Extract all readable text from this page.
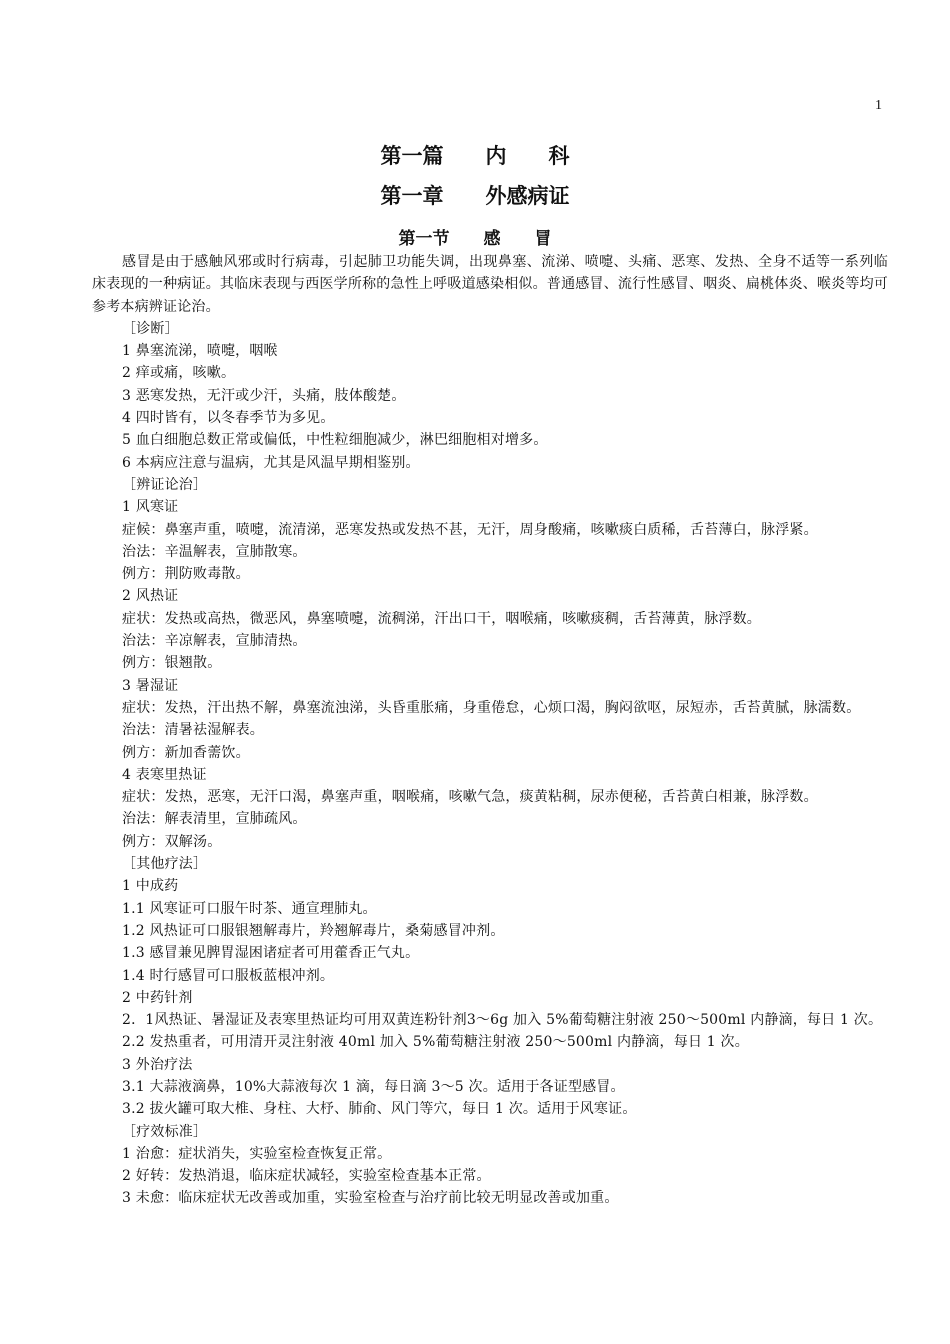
1
第一篇　　内　　科
第一章　　外感病证
第一节　　感　　冒

感冒是由于感触风邪或时行病毒，引起肺卫功能失调，出现鼻塞、流涕、喷嚏、头痛、恶寒、发热、全身不适等一系列临床表现的一种病证。其临床表现与西医学所称的急性上呼吸道感染相似。普通感冒、流行性感冒、咽炎、扁桃体炎、喉炎等均可参考本病辨证论治。

［诊断］

1 鼻塞流涕，喷嚏，咽喉

2 痒或痛，咳嗽。

3 恶寒发热，无汗或少汗，头痛，肢体酸楚。

4 四时皆有，以冬春季节为多见。

5 血白细胞总数正常或偏低，中性粒细胞减少，淋巴细胞相对增多。

6 本病应注意与温病，尤其是风温早期相鉴别。

［辨证论治］

1 风寒证

症候：鼻塞声重，喷嚏，流清涕，恶寒发热或发热不甚，无汗，周身酸痛，咳嗽痰白质稀，舌苔薄白，脉浮紧。

治法：辛温解表，宣肺散寒。

例方：荆防败毒散。

2 风热证

症状：发热或高热，微恶风，鼻塞喷嚏，流稠涕，汗出口干，咽喉痛，咳嗽痰稠，舌苔薄黄，脉浮数。

治法：辛凉解表，宣肺清热。

例方：银翘散。

3 暑湿证

症状：发热，汗出热不解，鼻塞流浊涕，头昏重胀痛，身重倦怠，心烦口渴，胸闷欲呕，尿短赤，舌苔黄腻，脉濡数。

治法：清暑祛湿解表。

例方：新加香薷饮。

4 表寒里热证

症状：发热，恶寒，无汗口渴，鼻塞声重，咽喉痛，咳嗽气急，痰黄粘稠，尿赤便秘，舌苔黄白相兼，脉浮数。

治法：解表清里，宣肺疏风。

例方：双解汤。

［其他疗法］

1 中成药

1.1 风寒证可口服午时茶、通宣理肺丸。

1.2 风热证可口服银翘解毒片，羚翘解毒片，桑菊感冒冲剂。

1.3 感冒兼见脾胃湿困诸症者可用藿香正气丸。

1.4 时行感冒可口服板蓝根冲剂。

2 中药针剂

2．1风热证、暑湿证及表寒里热证均可用双黄连粉针剂3～6g 加入 5%葡萄糖注射液 250～500ml 内静滴，每日 1 次。

2.2 发热重者，可用清开灵注射液 40ml 加入 5%葡萄糖注射液 250～500ml 内静滴，每日 1 次。

3 外治疗法

3.1 大蒜液滴鼻，10%大蒜液每次 1 滴，每日滴 3～5 次。适用于各证型感冒。

3.2 拔火罐可取大椎、身柱、大杼、肺俞、风门等穴，每日 1 次。适用于风寒证。

［疗效标准］

1 治愈：症状消失，实验室检查恢复正常。

2 好转：发热消退，临床症状减轻，实验室检查基本正常。

3 未愈：临床症状无改善或加重，实验室检查与治疗前比较无明显改善或加重。
